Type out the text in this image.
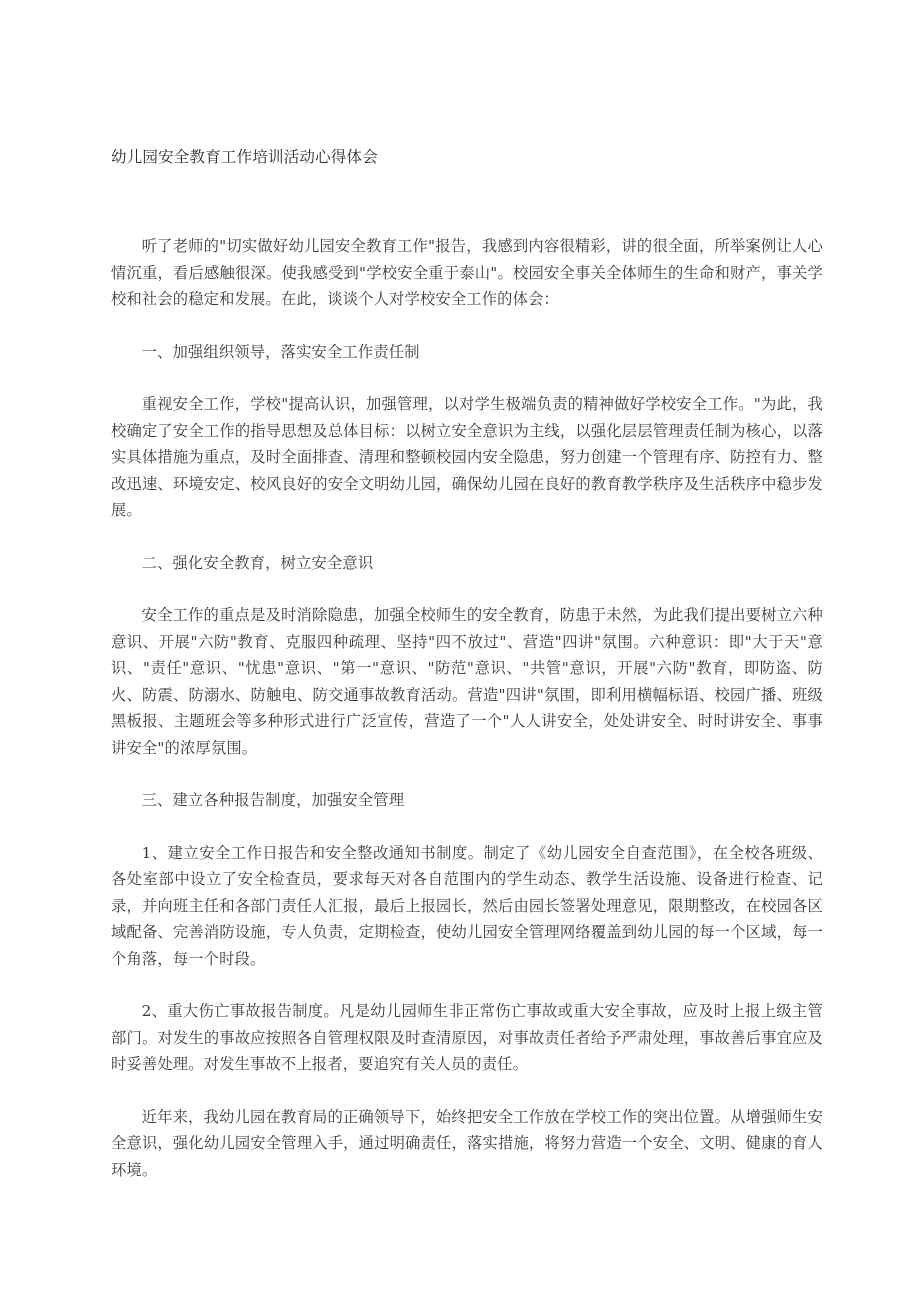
幼儿园安全教育工作培训活动心得体会

听了老师的"切实做好幼儿园安全教育工作"报告，我感到内容很精彩，讲的很全面，所举案例让人心情沉重，看后感触很深。使我感受到"学校安全重于泰山"。校园安全事关全体师生的生命和财产，事关学校和社会的稳定和发展。在此，谈谈个人对学校安全工作的体会：

一、加强组织领导，落实安全工作责任制

重视安全工作，学校"提高认识，加强管理，以对学生极端负责的精神做好学校安全工作。"为此，我校确定了安全工作的指导思想及总体目标：以树立安全意识为主线，以强化层层管理责任制为核心，以落实具体措施为重点，及时全面排查、清理和整顿校园内安全隐患，努力创建一个管理有序、防控有力、整改迅速、环境安定、校风良好的安全文明幼儿园，确保幼儿园在良好的教育教学秩序及生活秩序中稳步发展。

二、强化安全教育，树立安全意识

安全工作的重点是及时消除隐患，加强全校师生的安全教育，防患于未然，为此我们提出要树立六种意识、开展"六防"教育、克服四种疏理、坚持"四不放过"、营造"四讲"氛围。六种意识：即"大于天"意识、"责任"意识、"忧患"意识、"第一"意识、"防范"意识、"共管"意识，开展"六防"教育，即防盗、防火、防震、防溺水、防触电、防交通事故教育活动。营造"四讲"氛围，即利用横幅标语、校园广播、班级黑板报、主题班会等多种形式进行广泛宣传，营造了一个"人人讲安全，处处讲安全、时时讲安全、事事讲安全"的浓厚氛围。

三、建立各种报告制度，加强安全管理

1、建立安全工作日报告和安全整改通知书制度。制定了《幼儿园安全自查范围》，在全校各班级、各处室部中设立了安全检查员，要求每天对各自范围内的学生动态、教学生活设施、设备进行检查、记录，并向班主任和各部门责任人汇报，最后上报园长，然后由园长签署处理意见，限期整改，在校园各区域配备、完善消防设施，专人负责，定期检查，使幼儿园安全管理网络覆盖到幼儿园的每一个区域，每一个角落，每一个时段。

2、重大伤亡事故报告制度。凡是幼儿园师生非正常伤亡事故或重大安全事故，应及时上报上级主管部门。对发生的事故应按照各自管理权限及时查清原因，对事故责任者给予严肃处理，事故善后事宜应及时妥善处理。对发生事故不上报者，要追究有关人员的责任。

近年来，我幼儿园在教育局的正确领导下，始终把安全工作放在学校工作的突出位置。从增强师生安全意识，强化幼儿园安全管理入手，通过明确责任，落实措施，将努力营造一个安全、文明、健康的育人环境。
